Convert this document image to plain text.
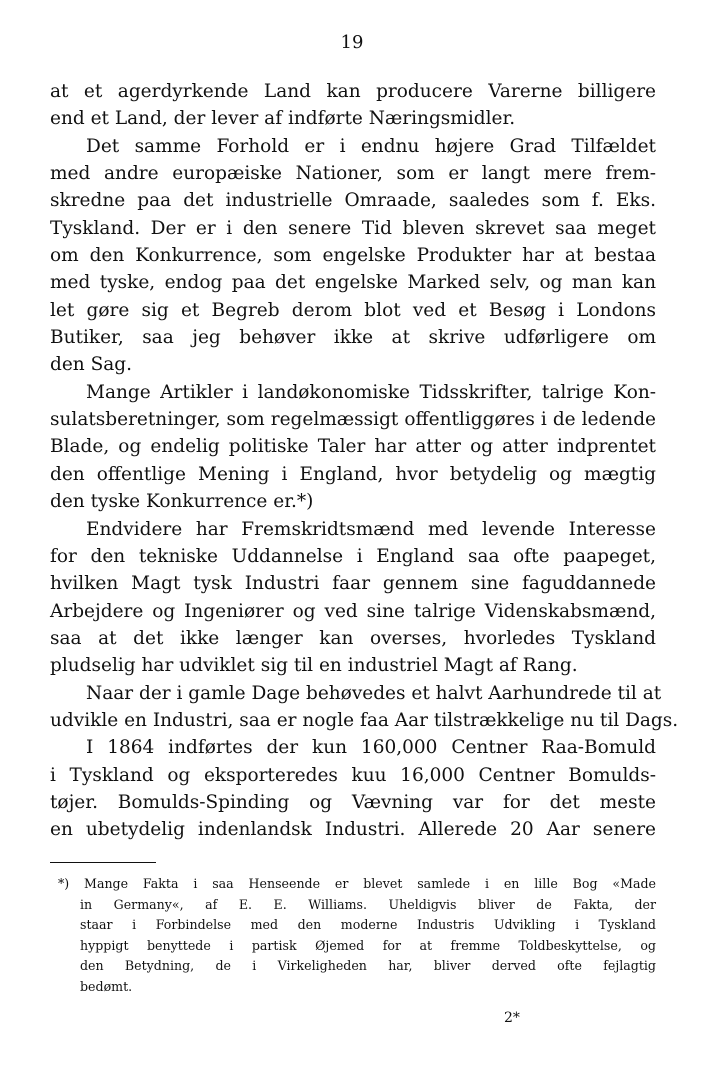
19
at et agerdyrkende Land kan producere Varerne billigere
end et Land, der lever af indførte Næringsmidler.
Det samme Forhold er i endnu højere Grad Tilfældet
med andre europæiske Nationer, som er langt mere frem-
skredne paa det industrielle Omraade, saaledes som f. Eks.
Tyskland. Der er i den senere Tid bleven skrevet saa meget
om den Konkurrence, som engelske Produkter har at bestaa
med tyske, endog paa det engelske Marked selv, og man kan
let gøre sig et Begreb derom blot ved et Besøg i Londons
Butiker, saa jeg behøver ikke at skrive udførligere om
den Sag.
Mange Artikler i landøkonomiske Tidsskrifter, talrige Kon-
sulatsberetninger, som regelmæssigt offentliggøres i de ledende
Blade, og endelig politiske Taler har atter og atter indprentet
den offentlige Mening i England, hvor betydelig og mægtig
den tyske Konkurrence er.*)
Endvidere har Fremskridtsmænd med levende Interesse
for den tekniske Uddannelse i England saa ofte paapeget,
hvilken Magt tysk Industri faar gennem sine faguddannede
Arbejdere og Ingeniører og ved sine talrige Videnskabsmænd,
saa at det ikke længer kan overses, hvorledes Tyskland
pludselig har udviklet sig til en industriel Magt af Rang.
Naar der i gamle Dage behøvedes et halvt Aarhundrede til at
udvikle en Industri, saa er nogle faa Aar tilstrækkelige nu til Dags.
I 1864 indførtes der kun 160,000 Centner Raa-Bomuld
i Tyskland og eksporteredes kuu 16,000 Centner Bomulds-
tøjer. Bomulds-Spinding og Vævning var for det meste
en ubetydelig indenlandsk Industri. Allerede 20 Aar senere
*) Mange Fakta i saa Henseende er blevet samlede i en lille Bog «Made
in Germany«, af E. E. Williams. Uheldigvis bliver de Fakta, der
staar i Forbindelse med den moderne Industris Udvikling i Tyskland
hyppigt benyttede i partisk Øjemed for at fremme Toldbeskyttelse, og
den Betydning, de i Virkeligheden har, bliver derved ofte fejlagtig
bedømt.
2*
